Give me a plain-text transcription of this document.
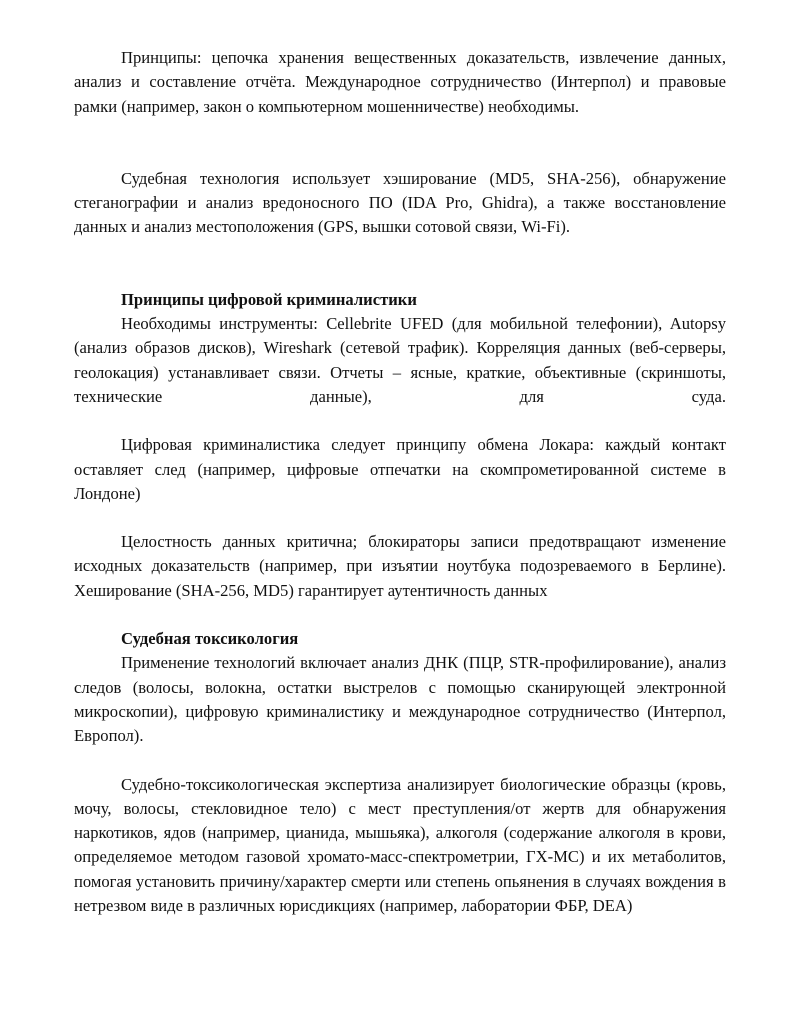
Принципы: цепочка хранения вещественных доказательств, извлечение данных, анализ и составление отчёта. Международное сотрудничество (Интерпол) и правовые рамки (например, закон о компьютерном мошенничестве) необходимы.

Судебная технология использует хэширование (MD5, SHA-256), обнаружение стеганографии и анализ вредоносного ПО (IDA Pro, Ghidra), а также восстановление данных и анализ местоположения (GPS, вышки сотовой связи, Wi-Fi).

Принципы цифровой криминалистики

Необходимы инструменты: Cellebrite UFED (для мобильной телефонии), Autopsy (анализ образов дисков), Wireshark (сетевой трафик). Корреляция данных (веб-серверы, геолокация) устанавливает связи. Отчеты – ясные, краткие, объективные (скриншоты, технические данные), для суда.

Цифровая криминалистика следует принципу обмена Локара: каждый контакт оставляет след (например, цифровые отпечатки на скомпрометированной системе в Лондоне)

Целостность данных критична; блокираторы записи предотвращают изменение исходных доказательств (например, при изъятии ноутбука подозреваемого в Берлине). Хеширование (SHA-256, MD5) гарантирует аутентичность данных

Судебная токсикология

Применение технологий включает анализ ДНК (ПЦР, STR-профилирование), анализ следов (волосы, волокна, остатки выстрелов с помощью сканирующей электронной микроскопии), цифровую криминалистику и международное сотрудничество (Интерпол, Европол).

Судебно-токсикологическая экспертиза анализирует биологические образцы (кровь, мочу, волосы, стекловидное тело) с мест преступления/от жертв для обнаружения наркотиков, ядов (например, цианида, мышьяка), алкоголя (содержание алкоголя в крови, определяемое методом газовой хромато-масс-спектрометрии, ГХ-МС) и их метаболитов, помогая установить причину/характер смерти или степень опьянения в случаях вождения в нетрезвом виде в различных юрисдикциях (например, лаборатории ФБР, DEA)
